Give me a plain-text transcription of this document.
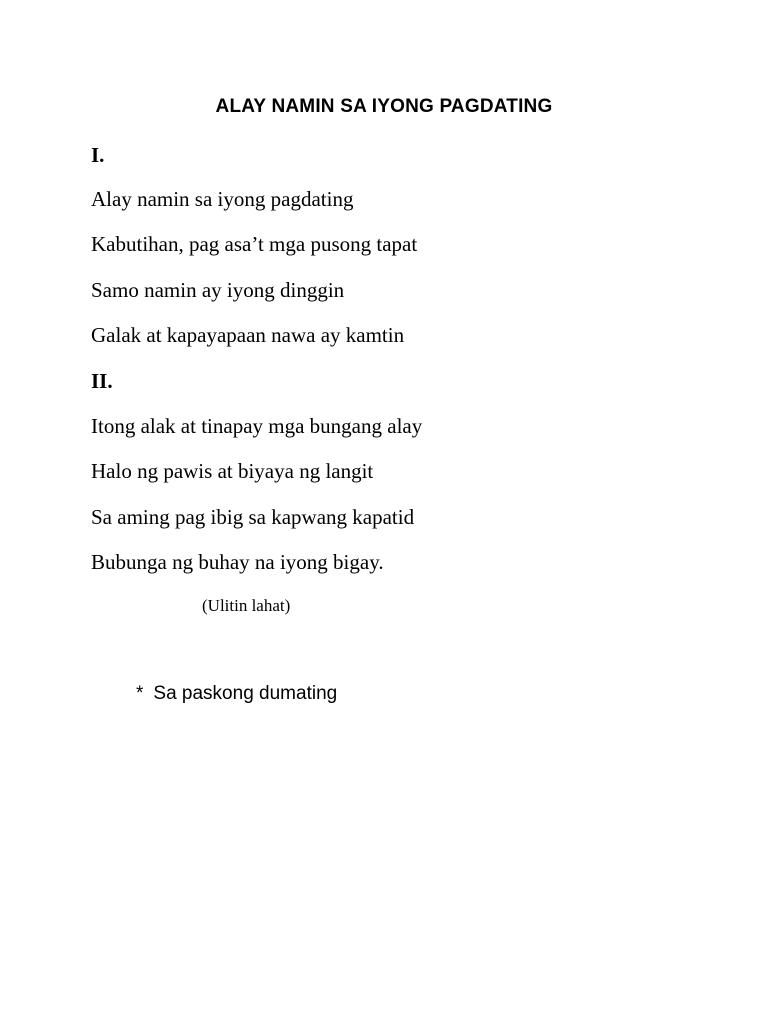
ALAY NAMIN SA IYONG PAGDATING

I.

Alay namin sa iyong pagdating

Kabutihan, pag asa’t mga pusong tapat

Samo namin ay iyong dinggin

Galak at kapayapaan nawa ay kamtin

II.

Itong alak at tinapay mga bungang alay

Halo ng pawis at biyaya ng langit

Sa aming pag ibig sa kapwang kapatid

Bubunga ng buhay na iyong bigay.

(Ulitin lahat)

* Sa paskong dumating
